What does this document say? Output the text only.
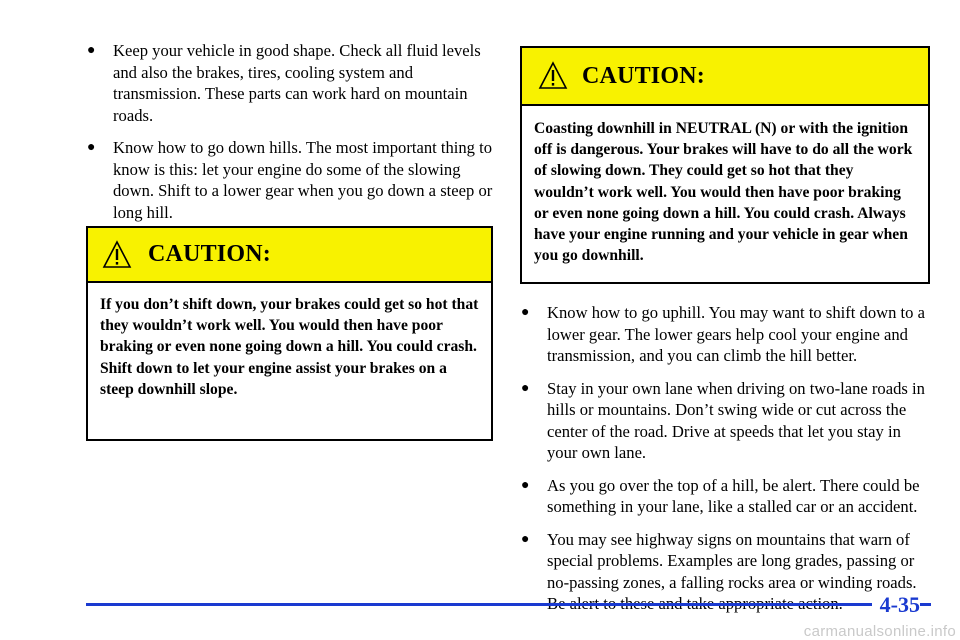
●	Keep your vehicle in good shape. Check all fluid levels and also the brakes, tires, cooling system and transmission. These parts can work hard on mountain roads.
●	Know how to go down hills. The most important thing to know is this: let your engine do some of the slowing down. Shift to a lower gear when you go down a steep or long hill.
CAUTION:
If you don’t shift down, your brakes could get so hot that they wouldn’t work well. You would then have poor braking or even none going down a hill. You could crash. Shift down to let your engine assist your brakes on a steep downhill slope.
CAUTION:
Coasting downhill in NEUTRAL (N) or with the ignition off is dangerous. Your brakes will have to do all the work of slowing down. They could get so hot that they wouldn’t work well. You would then have poor braking or even none going down a hill. You could crash. Always have your engine running and your vehicle in gear when you go downhill.
●	Know how to go uphill. You may want to shift down to a lower gear. The lower gears help cool your engine and transmission, and you can climb the hill better.
●	Stay in your own lane when driving on two‑lane roads in hills or mountains. Don’t swing wide or cut across the center of the road. Drive at speeds that let you stay in your own lane.
●	As you go over the top of a hill, be alert. There could be something in your lane, like a stalled car or an accident.
●	You may see highway signs on mountains that warn of special problems. Examples are long grades, passing or no‑passing zones, a falling rocks area or winding roads.
4-35
carmanualsonline.info
